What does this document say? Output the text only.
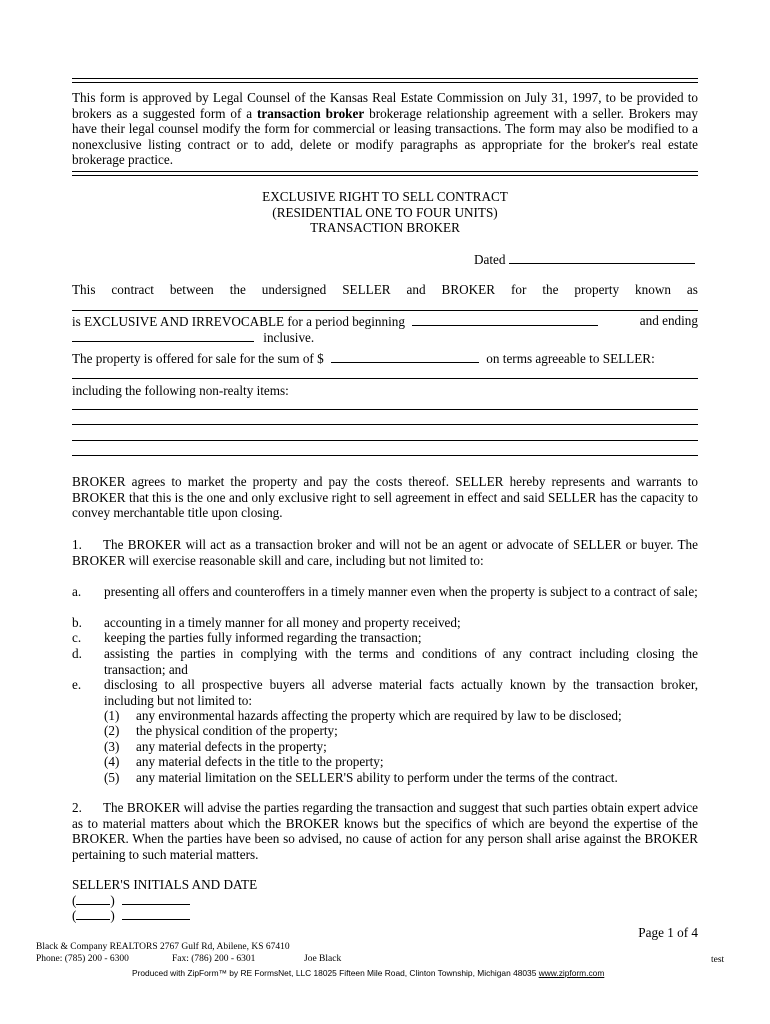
This form is approved by Legal Counsel of the Kansas Real Estate Commission on July 31, 1997, to be provided to brokers as a suggested form of a transaction broker brokerage relationship agreement with a seller. Brokers may have their legal counsel modify the form for commercial or leasing transactions. The form may also be modified to a nonexclusive listing contract or to add, delete or modify paragraphs as appropriate for the broker's real estate brokerage practice.
EXCLUSIVE RIGHT TO SELL CONTRACT
(RESIDENTIAL ONE TO FOUR UNITS)
TRANSACTION BROKER
Dated
This contract between the undersigned SELLER and BROKER for the property known as
is EXCLUSIVE AND IRREVOCABLE for a period beginning	and ending
inclusive.
The property is offered for sale for the sum of $	on terms agreeable to SELLER:
including the following non-realty items:
BROKER agrees to market the property and pay the costs thereof. SELLER hereby represents and warrants to BROKER that this is the one and only exclusive right to sell agreement in effect and said SELLER has the capacity to convey merchantable title upon closing.
1. The BROKER will act as a transaction broker and will not be an agent or advocate of SELLER or buyer. The BROKER will exercise reasonable skill and care, including but not limited to:
a. presenting all offers and counteroffers in a timely manner even when the property is subject to a contract of sale;
b. accounting in a timely manner for all money and property received;
c. keeping the parties fully informed regarding the transaction;
d. assisting the parties in complying with the terms and conditions of any contract including closing the transaction; and
e. disclosing to all prospective buyers all adverse material facts actually known by the transaction broker, including but not limited to:
(1) any environmental hazards affecting the property which are required by law to be disclosed;
(2) the physical condition of the property;
(3) any material defects in the property;
(4) any material defects in the title to the property;
(5) any material limitation on the SELLER'S ability to perform under the terms of the contract.
2. The BROKER will advise the parties regarding the transaction and suggest that such parties obtain expert advice as to material matters about which the BROKER knows but the specifics of which are beyond the expertise of the BROKER. When the parties have been so advised, no cause of action for any person shall arise against the BROKER pertaining to such material matters.
SELLER'S INITIALS AND DATE
(	)
(	)
Page 1 of 4
Black & Company REALTORS 2767 Gulf Rd, Abilene, KS 67410
Phone: (785) 200 - 6300	Fax: (786) 200 - 6301	Joe Black	test
Produced with ZipForm™ by RE FormsNet, LLC 18025 Fifteen Mile Road, Clinton Township, Michigan 48035 www.zipform.com
